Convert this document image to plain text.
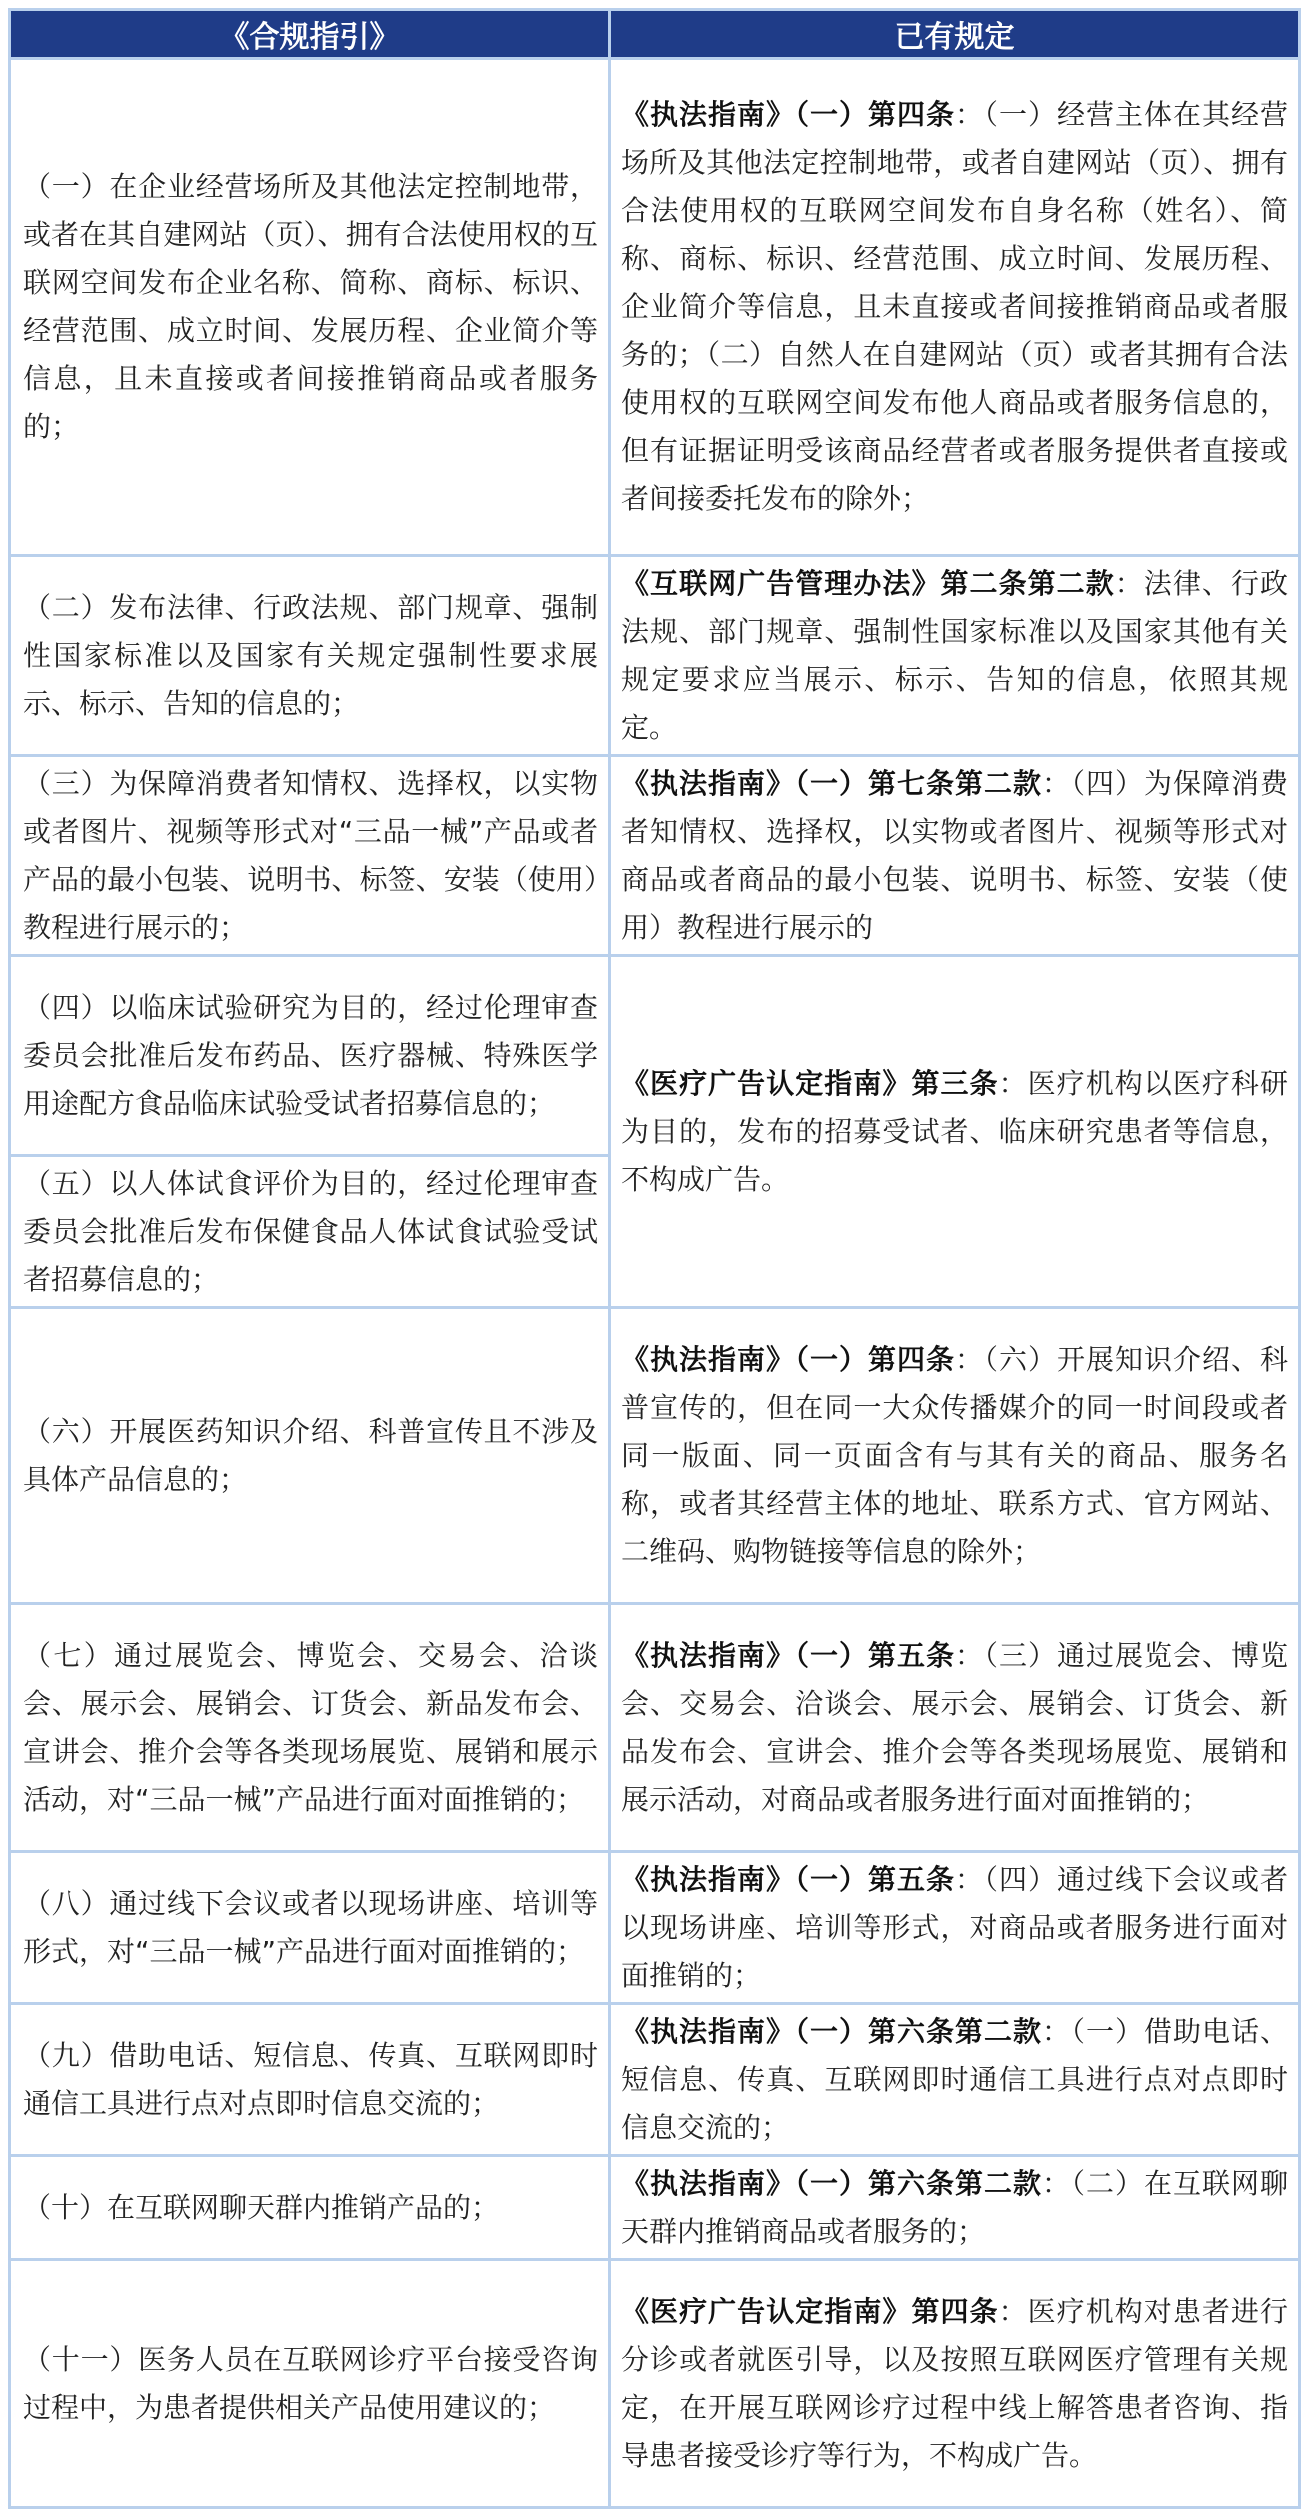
《合规指引》	已有规定
（一）在企业经营场所及其他法定控制地带，或者在其自建网站（页）、拥有合法使用权的互联网空间发布企业名称、简称、商标、标识、经营范围、成立时间、发展历程、企业简介等信息，且未直接或者间接推销商品或者服务的；	《执法指南》（一）第四条：（一）经营主体在其经营场所及其他法定控制地带，或者自建网站（页）、拥有合法使用权的互联网空间发布自身名称（姓名）、简称、商标、标识、经营范围、成立时间、发展历程、企业简介等信息，且未直接或者间接推销商品或者服务的；（二）自然人在自建网站（页）或者其拥有合法使用权的互联网空间发布他人商品或者服务信息的，但有证据证明受该商品经营者或者服务提供者直接或者间接委托发布的除外；
（二）发布法律、行政法规、部门规章、强制性国家标准以及国家有关规定强制性要求展示、标示、告知的信息的；	《互联网广告管理办法》第二条第二款：法律、行政法规、部门规章、强制性国家标准以及国家其他有关规定要求应当展示、标示、告知的信息，依照其规定。
（三）为保障消费者知情权、选择权，以实物或者图片、视频等形式对“三品一械”产品或者产品的最小包装、说明书、标签、安装（使用）教程进行展示的；	《执法指南》（一）第七条第二款：（四）为保障消费者知情权、选择权，以实物或者图片、视频等形式对商品或者商品的最小包装、说明书、标签、安装（使用）教程进行展示的
（四）以临床试验研究为目的，经过伦理审查委员会批准后发布药品、医疗器械、特殊医学用途配方食品临床试验受试者招募信息的；	《医疗广告认定指南》第三条：医疗机构以医疗科研为目的，发布的招募受试者、临床研究患者等信息，不构成广告。
（五）以人体试食评价为目的，经过伦理审查委员会批准后发布保健食品人体试食试验受试者招募信息的；	
（六）开展医药知识介绍、科普宣传且不涉及具体产品信息的；	《执法指南》（一）第四条：（六）开展知识介绍、科普宣传的，但在同一大众传播媒介的同一时间段或者同一版面、同一页面含有与其有关的商品、服务名称，或者其经营主体的地址、联系方式、官方网站、二维码、购物链接等信息的除外；
（七）通过展览会、博览会、交易会、洽谈会、展示会、展销会、订货会、新品发布会、宣讲会、推介会等各类现场展览、展销和展示活动，对“三品一械”产品进行面对面推销的；	《执法指南》（一）第五条：（三）通过展览会、博览会、交易会、洽谈会、展示会、展销会、订货会、新品发布会、宣讲会、推介会等各类现场展览、展销和展示活动，对商品或者服务进行面对面推销的；
（八）通过线下会议或者以现场讲座、培训等形式，对“三品一械”产品进行面对面推销的；	《执法指南》（一）第五条：（四）通过线下会议或者以现场讲座、培训等形式，对商品或者服务进行面对面推销的；
（九）借助电话、短信息、传真、互联网即时通信工具进行点对点即时信息交流的；	《执法指南》（一）第六条第二款：（一）借助电话、短信息、传真、互联网即时通信工具进行点对点即时信息交流的；
（十）在互联网聊天群内推销产品的；	《执法指南》（一）第六条第二款：（二）在互联网聊天群内推销商品或者服务的；
（十一）医务人员在互联网诊疗平台接受咨询过程中，为患者提供相关产品使用建议的；	《医疗广告认定指南》第四条：医疗机构对患者进行分诊或者就医引导，以及按照互联网医疗管理有关规定，在开展互联网诊疗过程中线上解答患者咨询、指导患者接受诊疗等行为，不构成广告。
